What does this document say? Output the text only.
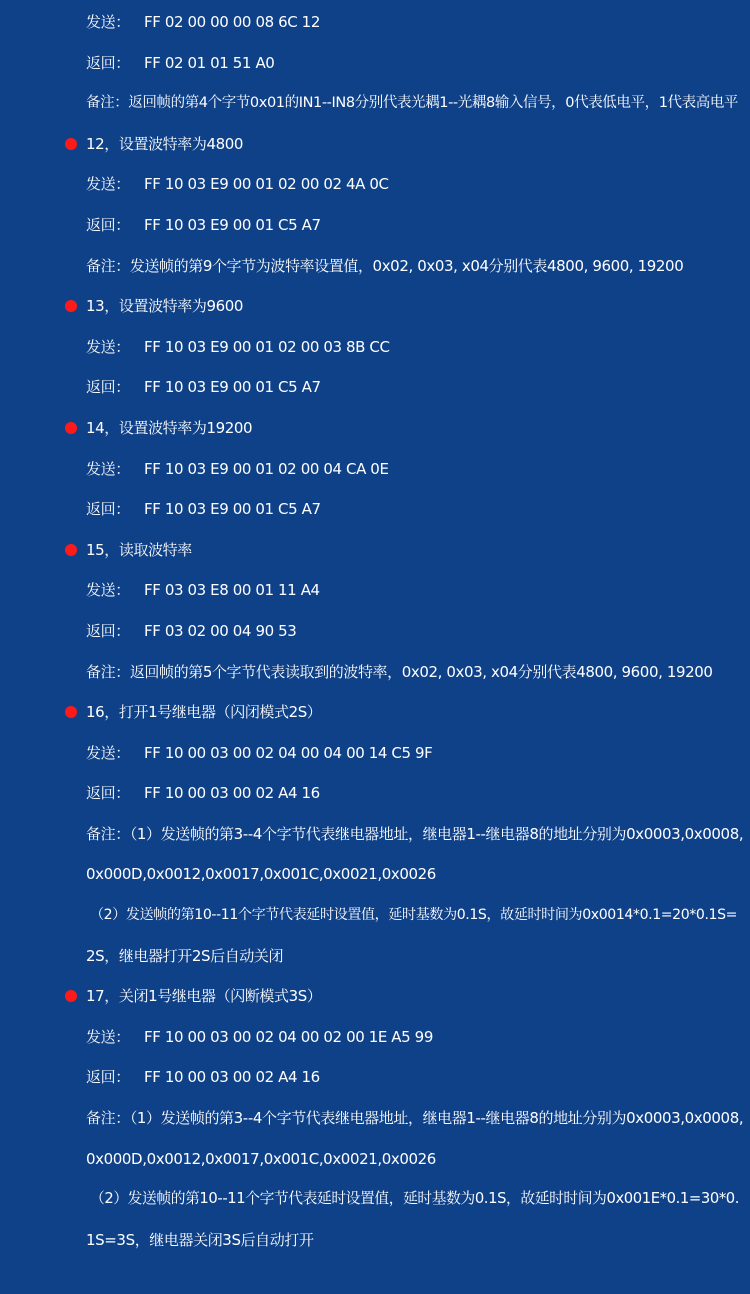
发送： FF 02 00 00 00 08 6C 12
返回： FF 02 01 01 51 A0
备注：返回帧的第4个字节0x01的IN1--IN8分别代表光耦1--光耦8输入信号，0代表低电平，1代表高电平
12，设置波特率为4800
发送： FF 10 03 E9 00 01 02 00 02 4A 0C
返回： FF 10 03 E9 00 01 C5 A7
备注：发送帧的第9个字节为波特率设置值，0x02, 0x03, x04分别代表4800, 9600, 19200
13，设置波特率为9600
发送： FF 10 03 E9 00 01 02 00 03 8B CC
返回： FF 10 03 E9 00 01 C5 A7
14，设置波特率为19200
发送： FF 10 03 E9 00 01 02 00 04 CA 0E
返回： FF 10 03 E9 00 01 C5 A7
15，读取波特率
发送： FF 03 03 E8 00 01 11 A4
返回： FF 03 02 00 04 90 53
备注：返回帧的第5个字节代表读取到的波特率，0x02, 0x03, x04分别代表4800, 9600, 19200
16，打开1号继电器（闪闭模式2S）
发送： FF 10 00 03 00 02 04 00 04 00 14 C5 9F
返回： FF 10 00 03 00 02 A4 16
备注：（1）发送帧的第3--4个字节代表继电器地址，继电器1--继电器8的地址分别为0x0003,0x0008,
0x000D,0x0012,0x0017,0x001C,0x0021,0x0026
（2）发送帧的第10--11个字节代表延时设置值，延时基数为0.1S，故延时时间为0x0014*0.1=20*0.1S=
2S，继电器打开2S后自动关闭
17，关闭1号继电器（闪断模式3S）
发送： FF 10 00 03 00 02 04 00 02 00 1E A5 99
返回： FF 10 00 03 00 02 A4 16
备注：（1）发送帧的第3--4个字节代表继电器地址，继电器1--继电器8的地址分别为0x0003,0x0008,
0x000D,0x0012,0x0017,0x001C,0x0021,0x0026
（2）发送帧的第10--11个字节代表延时设置值，延时基数为0.1S，故延时时间为0x001E*0.1=30*0.
1S=3S，继电器关闭3S后自动打开
